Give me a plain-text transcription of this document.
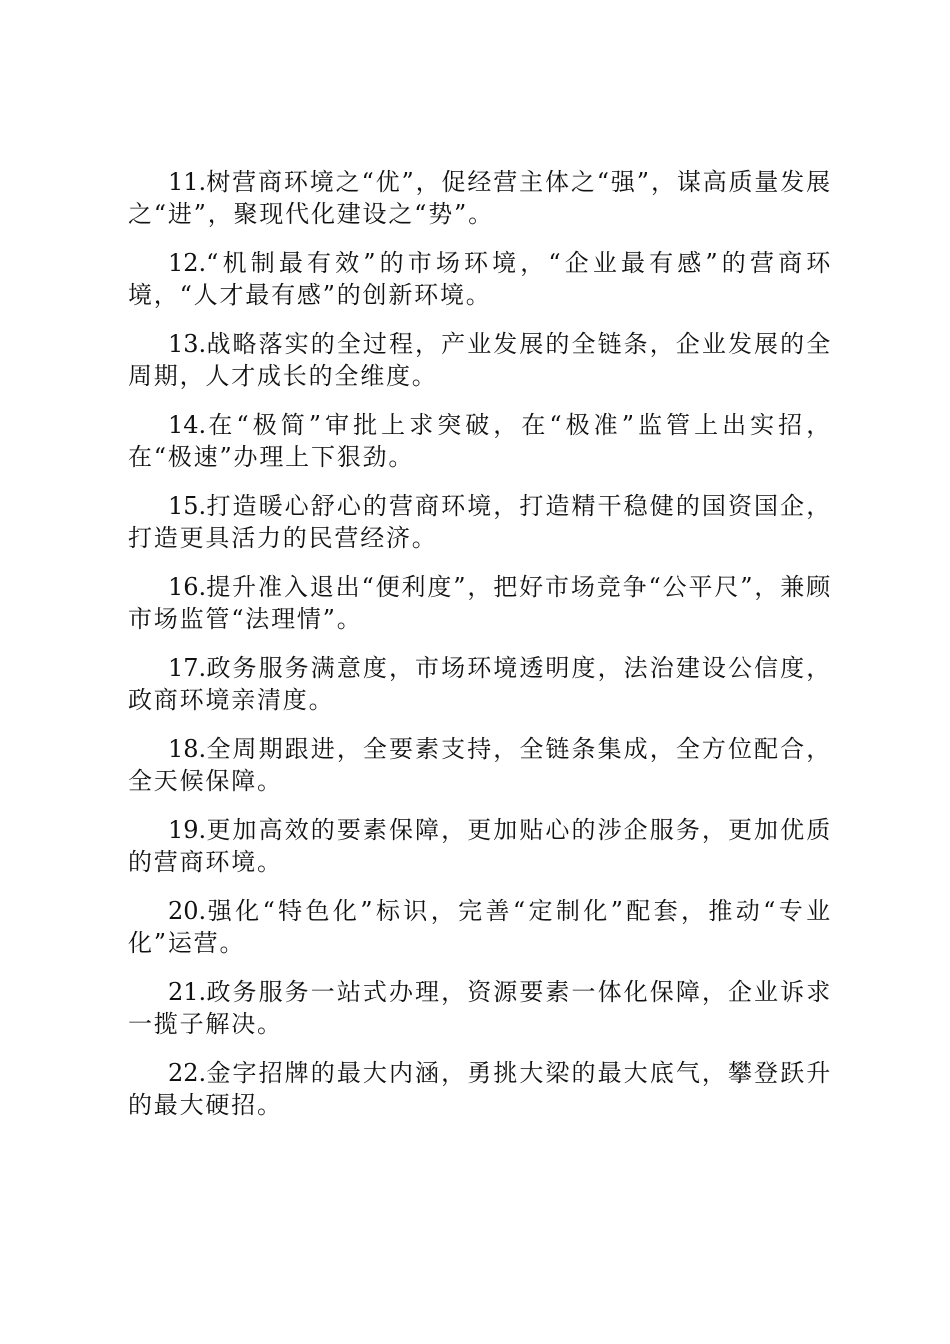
11.树营商环境之“优”，促经营主体之“强”，谋高质量发展之“进”，聚现代化建设之“势”。

12.“机制最有效”的市场环境，“企业最有感”的营商环境，“人才最有感”的创新环境。

13.战略落实的全过程，产业发展的全链条，企业发展的全周期，人才成长的全维度。

14.在“极简”审批上求突破，在“极准”监管上出实招，在“极速”办理上下狠劲。

15.打造暖心舒心的营商环境，打造精干稳健的国资国企，打造更具活力的民营经济。

16.提升准入退出“便利度”，把好市场竞争“公平尺”，兼顾市场监管“法理情”。

17.政务服务满意度，市场环境透明度，法治建设公信度，政商环境亲清度。

18.全周期跟进，全要素支持，全链条集成，全方位配合，全天候保障。

19.更加高效的要素保障，更加贴心的涉企服务，更加优质的营商环境。

20.强化“特色化”标识，完善“定制化”配套，推动“专业化”运营。

21.政务服务一站式办理，资源要素一体化保障，企业诉求一揽子解决。

22.金字招牌的最大内涵，勇挑大梁的最大底气，攀登跃升的最大硬招。
